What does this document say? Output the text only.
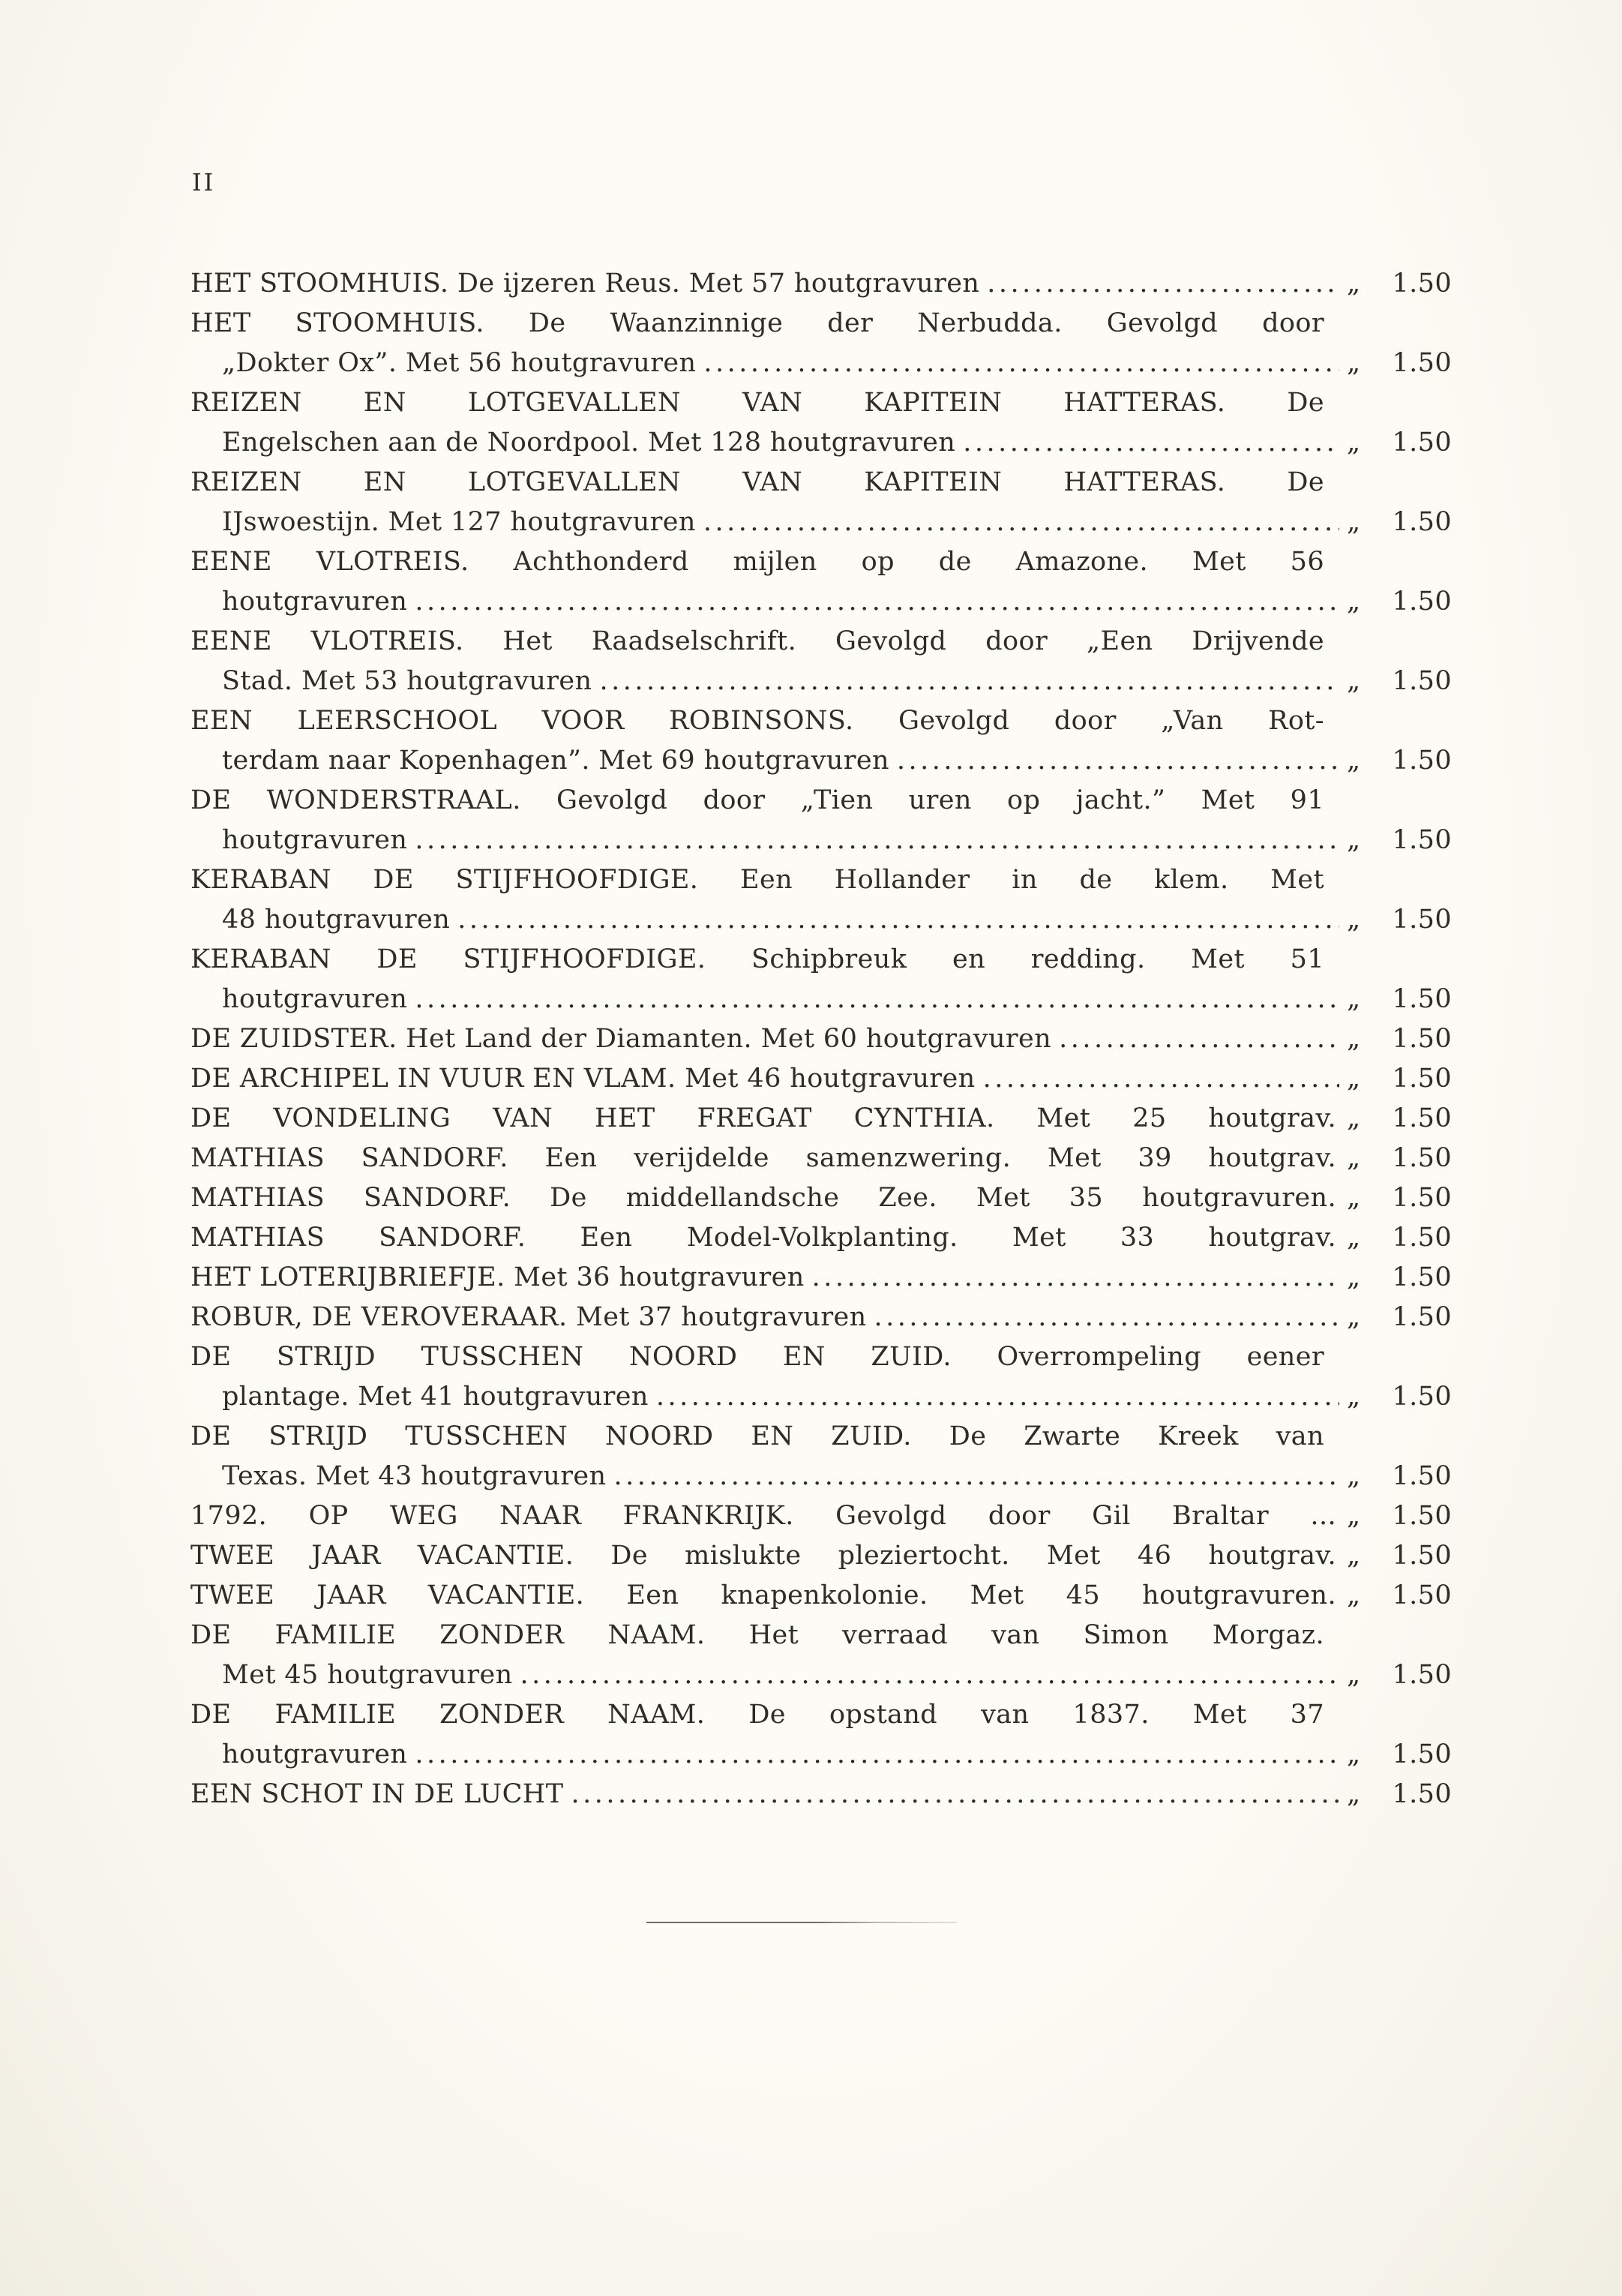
II
HET STOOMHUIS. De ijzeren Reus. Met 57 houtgravuren .....	„ 1.50
HET STOOMHUIS. De Waanzinnige der Nerbudda. Gevolgd door
„Dokter Ox”. Met 56 houtgravuren .....	„ 1.50
REIZEN EN LOTGEVALLEN VAN KAPITEIN HATTERAS. De
Engelschen aan de Noordpool. Met 128 houtgravuren .....	„ 1.50
REIZEN EN LOTGEVALLEN VAN KAPITEIN HATTERAS. De
IJswoestijn. Met 127 houtgravuren .....	„ 1.50
EENE VLOTREIS. Achthonderd mijlen op de Amazone. Met 56
houtgravuren .....	„ 1.50
EENE VLOTREIS. Het Raadselschrift. Gevolgd door „Een Drijvende
Stad. Met 53 houtgravuren .....	„ 1.50
EEN LEERSCHOOL VOOR ROBINSONS. Gevolgd door „Van Rot-
terdam naar Kopenhagen”. Met 69 houtgravuren .....	„ 1.50
DE WONDERSTRAAL. Gevolgd door „Tien uren op jacht.” Met 91
houtgravuren .....	„ 1.50
KERABAN DE STIJFHOOFDIGE. Een Hollander in de klem. Met
48 houtgravuren .....	„ 1.50
KERABAN DE STIJFHOOFDIGE. Schipbreuk en redding. Met 51
houtgravuren .....	„ 1.50
DE ZUIDSTER. Het Land der Diamanten. Met 60 houtgravuren .....	„ 1.50
DE ARCHIPEL IN VUUR EN VLAM. Met 46 houtgravuren .....	„ 1.50
DE VONDELING VAN HET FREGAT CYNTHIA. Met 25 houtgrav. „ 1.50
MATHIAS SANDORF. Een verijdelde samenzwering. Met 39 houtgrav. „ 1.50
MATHIAS SANDORF. De middellandsche Zee. Met 35 houtgravuren. „ 1.50
MATHIAS SANDORF. Een Model-Volkplanting. Met 33 houtgrav. „ 1.50
HET LOTERIJBRIEFJE. Met 36 houtgravuren .....	„ 1.50
ROBUR, DE VEROVERAAR. Met 37 houtgravuren .....	„ 1.50
DE STRIJD TUSSCHEN NOORD EN ZUID. Overrompeling eener
plantage. Met 41 houtgravuren .....	„ 1.50
DE STRIJD TUSSCHEN NOORD EN ZUID. De Zwarte Kreek van
Texas. Met 43 houtgravuren .....	„ 1.50
1792. OP WEG NAAR FRANKRIJK. Gevolgd door Gil Braltar ... „ 1.50
TWEE JAAR VACANTIE. De mislukte pleziertocht. Met 46 houtgrav. „ 1.50
TWEE JAAR VACANTIE. Een knapenkolonie. Met 45 houtgravuren. „ 1.50
DE FAMILIE ZONDER NAAM. Het verraad van Simon Morgaz.
Met 45 houtgravuren .....	„ 1.50
DE FAMILIE ZONDER NAAM. De opstand van 1837. Met 37
houtgravuren .....	„ 1.50
EEN SCHOT IN DE LUCHT .....	„ 1.50
